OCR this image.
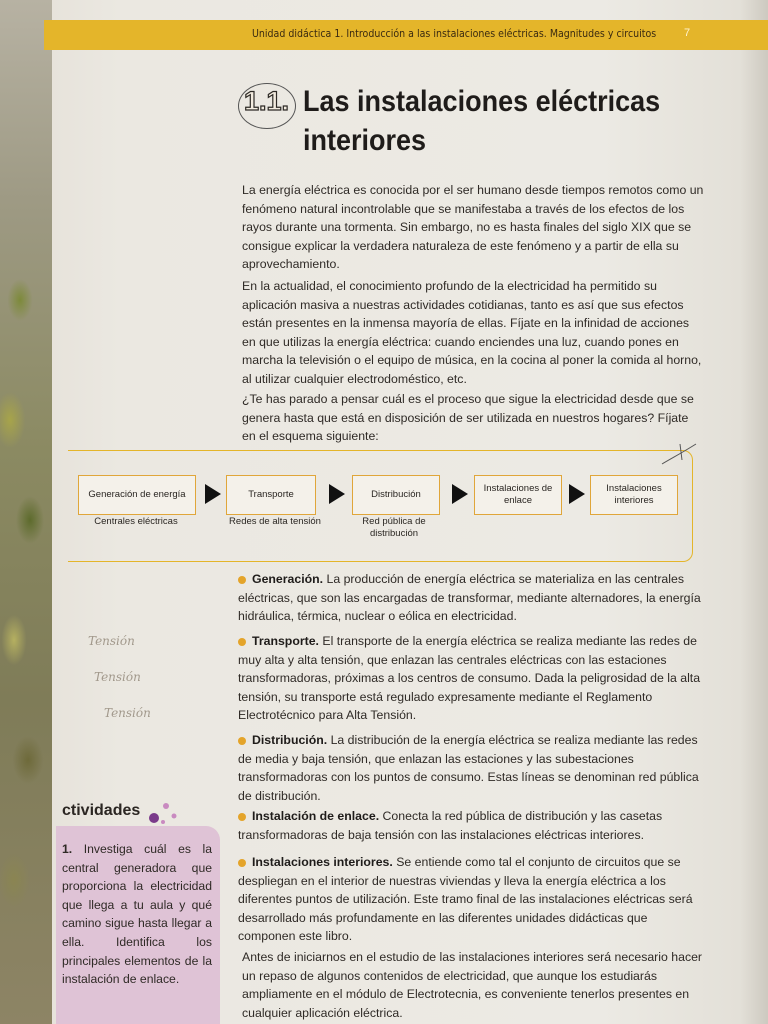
Unidad didáctica 1. Introducción a las instalaciones eléctricas. Magnitudes y circuitos	7
1.1. Las instalaciones eléctricas interiores

La energía eléctrica es conocida por el ser humano desde tiempos remotos como un fenómeno natural incontrolable que se manifestaba a través de los efectos de los rayos durante una tormenta. Sin embargo, no es hasta finales del siglo XIX que se consigue explicar la verdadera naturaleza de este fenómeno y a partir de ella su aprovechamiento.

En la actualidad, el conocimiento profundo de la electricidad ha permitido su aplicación masiva a nuestras actividades cotidianas, tanto es así que sus efectos están presentes en la inmensa mayoría de ellas. Fíjate en la infinidad de acciones en que utilizas la energía eléctrica: cuando enciendes una luz, cuando pones en marcha la televisión o el equipo de música, en la cocina al poner la comida al horno, al utilizar cualquier electrodoméstico, etc.

¿Te has parado a pensar cuál es el proceso que sigue la electricidad desde que se genera hasta que está en disposición de ser utilizada en nuestros hogares? Fíjate en el esquema siguiente:

Generación de energía	Transporte	Distribución
Instalaciones de enlace
Instalaciones interiores
Centrales eléctricas	Redes de alta tensión	Red pública de distribución
Generación. La producción de energía eléctrica se materializa en las centrales eléctricas, que son las encargadas de transformar, mediante alternadores, la energía hidráulica, térmica, nuclear o eólica en electricidad.
Transporte. El transporte de la energía eléctrica se realiza mediante las redes de muy alta y alta tensión, que enlazan las centrales eléctricas con las estaciones transformadoras, próximas a los centros de consumo. Dada la peligrosidad de la alta tensión, su transporte está regulado expresamente mediante el Reglamento Electrotécnico para Alta Tensión.
Distribución. La distribución de la energía eléctrica se realiza mediante las redes de media y baja tensión, que enlazan las estaciones y las subestaciones transformadoras con los puntos de consumo. Estas líneas se denominan red pública de distribución.
Instalación de enlace. Conecta la red pública de distribución y las casetas transformadoras de baja tensión con las instalaciones eléctricas interiores.
Instalaciones interiores. Se entiende como tal el conjunto de circuitos que se despliegan en el interior de nuestras viviendas y lleva la energía eléctrica a los diferentes puntos de utilización. Este tramo final de las instalaciones eléctricas será desarrollado más profundamente en las diferentes unidades didácticas que componen este libro.

Antes de iniciarnos en el estudio de las instalaciones interiores será necesario hacer un repaso de algunos contenidos de electricidad, que aunque los estudiarás ampliamente en el módulo de Electrotecnia, es conveniente tenerlos presentes en cualquier aplicación eléctrica.

Tensión
Tensión
Tensión
ctividades
1. Investiga cuál es la central generadora que proporciona la electricidad que llega a tu aula y qué camino sigue hasta llegar a ella. Identifica los principales elementos de la instalación de enlace.
